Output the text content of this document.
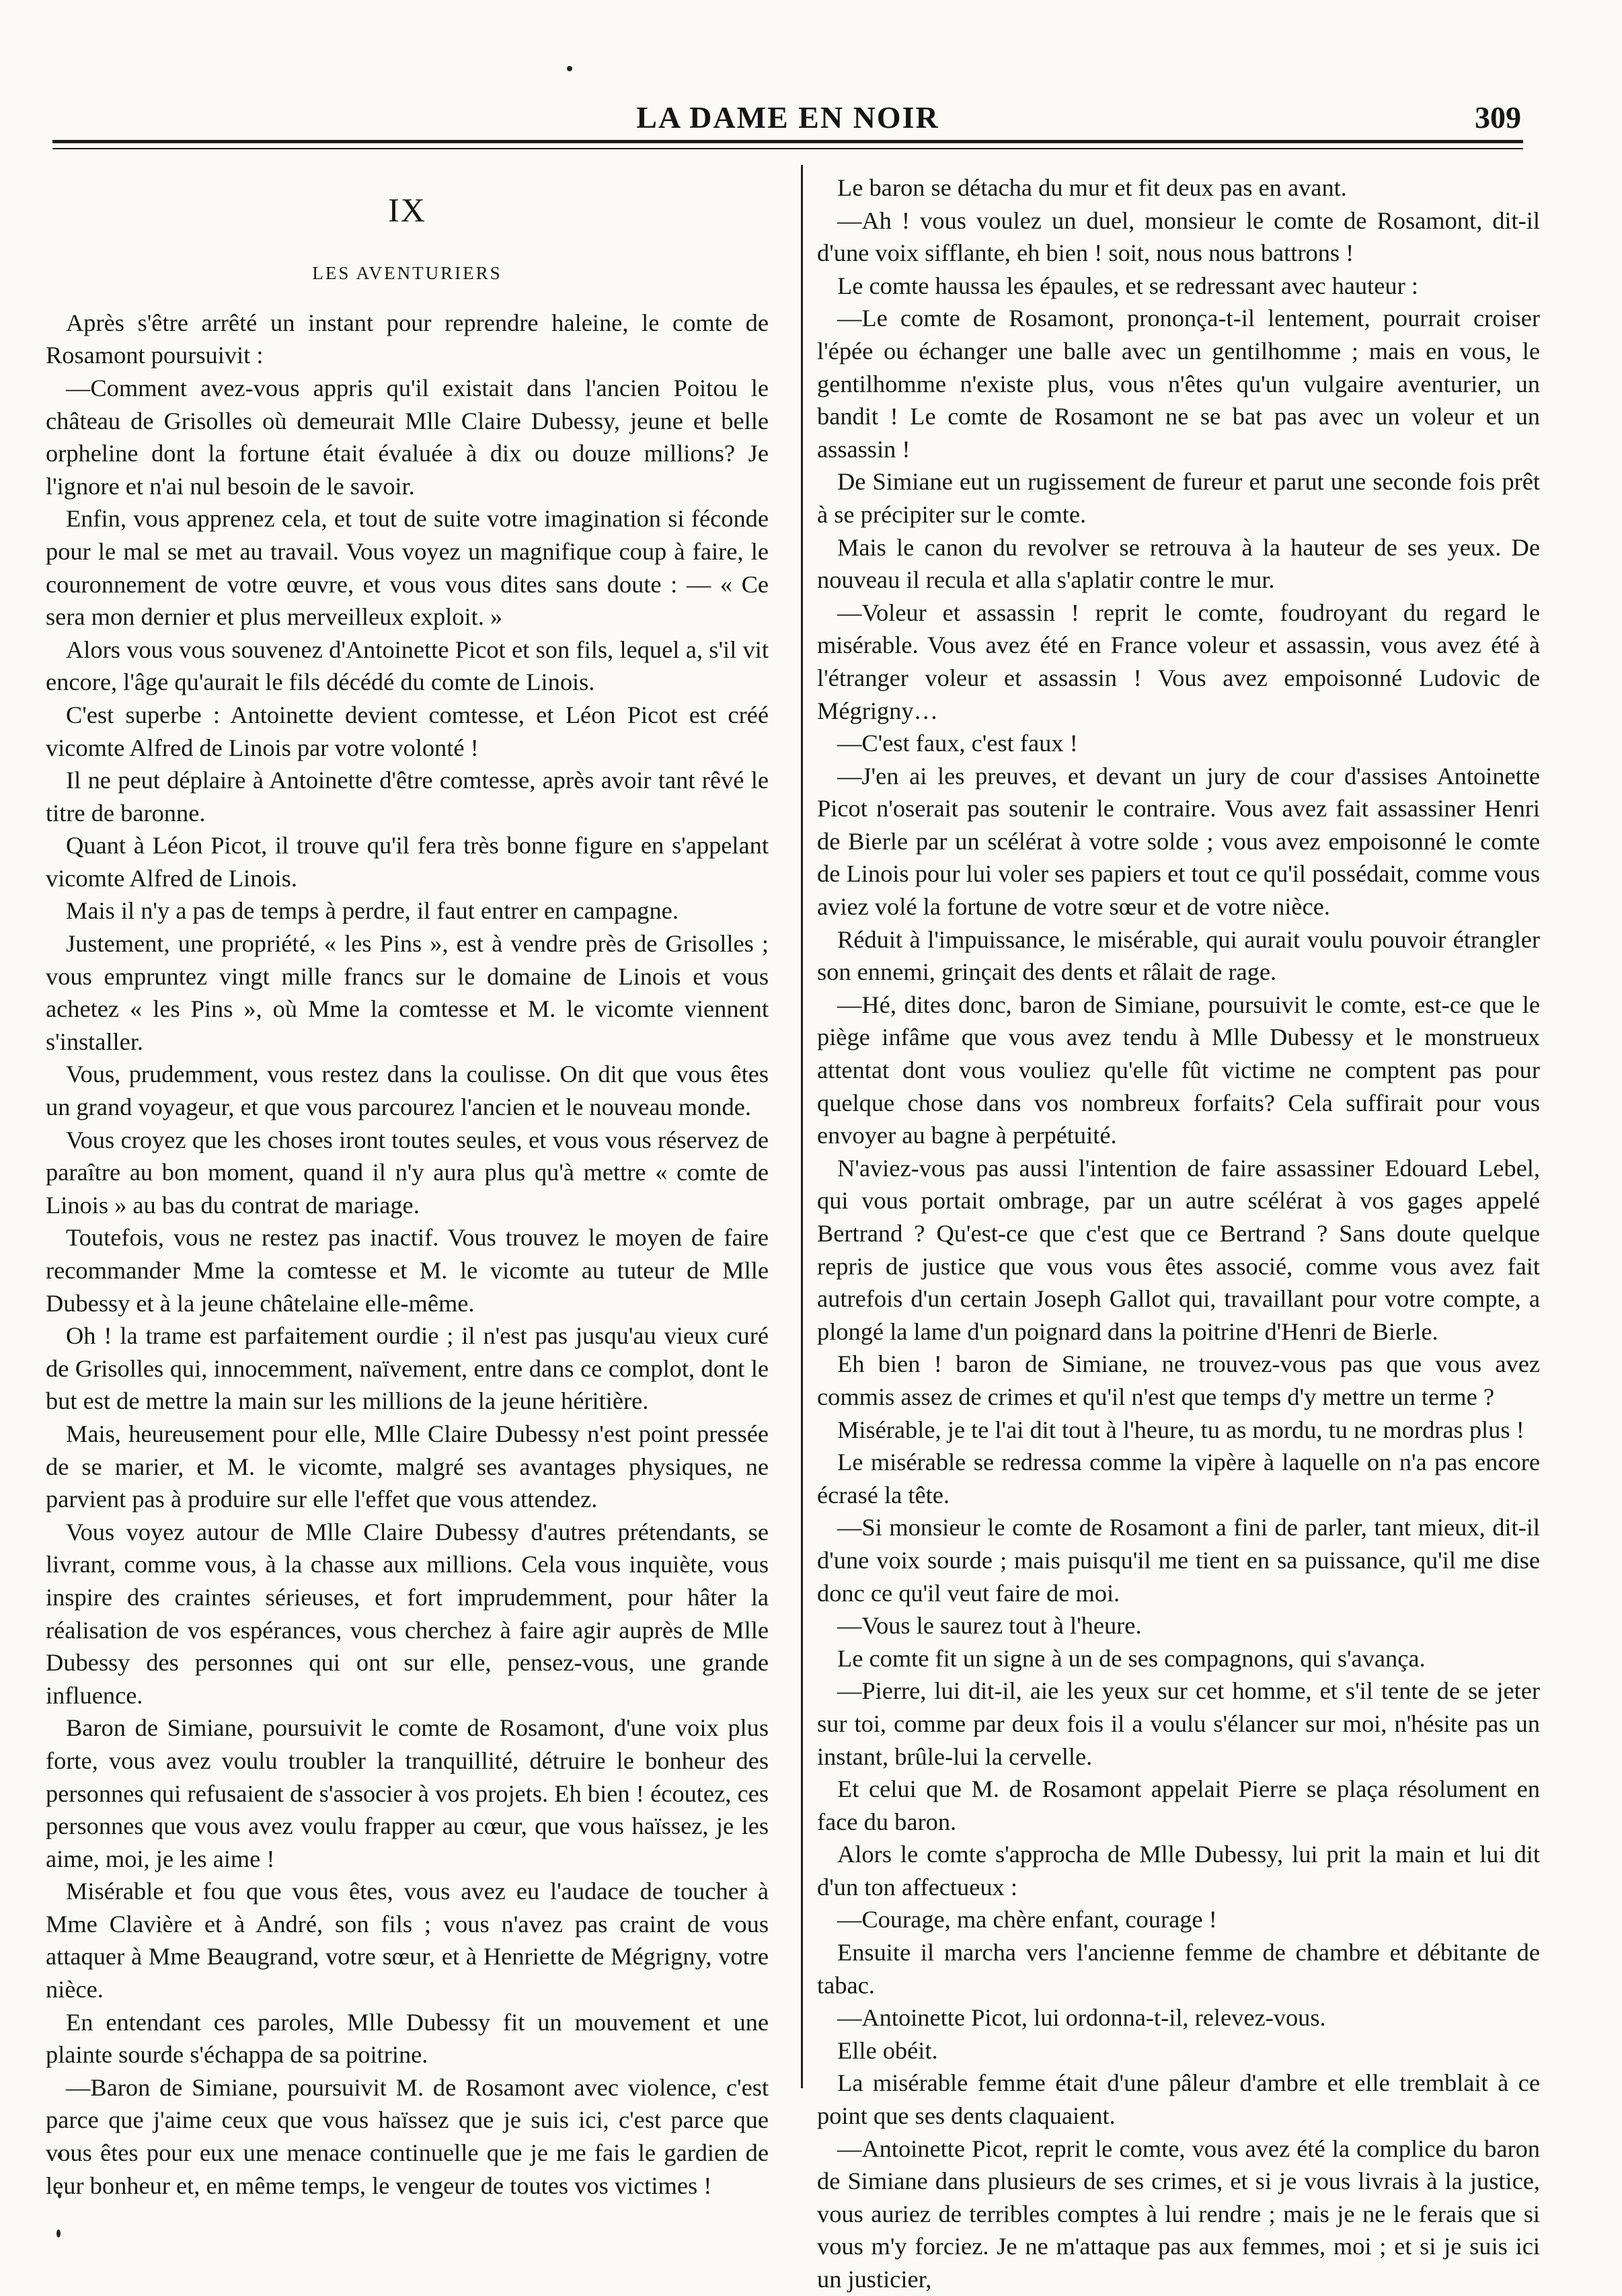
LA DAME EN NOIR	309
IX
LES AVENTURIERS

Après s'être arrêté un instant pour reprendre haleine, le comte de Rosamont poursuivit :

—Comment avez-vous appris qu'il existait dans l'ancien Poitou le château de Grisolles où demeurait Mlle Claire Dubessy, jeune et belle orpheline dont la fortune était évaluée à dix ou douze millions? Je l'ignore et n'ai nul besoin de le savoir.

Enfin, vous apprenez cela, et tout de suite votre imagination si féconde pour le mal se met au travail. Vous voyez un magnifique coup à faire, le couronnement de votre œuvre, et vous vous dites sans doute : — « Ce sera mon dernier et plus merveilleux exploit. »

Alors vous vous souvenez d'Antoinette Picot et son fils, lequel a, s'il vit encore, l'âge qu'aurait le fils décédé du comte de Linois.

C'est superbe : Antoinette devient comtesse, et Léon Picot est créé vicomte Alfred de Linois par votre volonté !

Il ne peut déplaire à Antoinette d'être comtesse, après avoir tant rêvé le titre de baronne.

Quant à Léon Picot, il trouve qu'il fera très bonne figure en s'appelant vicomte Alfred de Linois.

Mais il n'y a pas de temps à perdre, il faut entrer en campagne.

Justement, une propriété, « les Pins », est à vendre près de Grisolles ; vous empruntez vingt mille francs sur le domaine de Linois et vous achetez « les Pins », où Mme la comtesse et M. le vicomte viennent s'installer.

Vous, prudemment, vous restez dans la coulisse. On dit que vous êtes un grand voyageur, et que vous parcourez l'ancien et le nouveau monde.

Vous croyez que les choses iront toutes seules, et vous vous réservez de paraître au bon moment, quand il n'y aura plus qu'à mettre « comte de Linois » au bas du contrat de mariage.

Toutefois, vous ne restez pas inactif. Vous trouvez le moyen de faire recommander Mme la comtesse et M. le vicomte au tuteur de Mlle Dubessy et à la jeune châtelaine elle-même.

Oh ! la trame est parfaitement ourdie ; il n'est pas jusqu'au vieux curé de Grisolles qui, innocemment, naïvement, entre dans ce complot, dont le but est de mettre la main sur les millions de la jeune héritière.

Mais, heureusement pour elle, Mlle Claire Dubessy n'est point pressée de se marier, et M. le vicomte, malgré ses avantages physiques, ne parvient pas à produire sur elle l'effet que vous attendez.

Vous voyez autour de Mlle Claire Dubessy d'autres prétendants, se livrant, comme vous, à la chasse aux millions. Cela vous inquiète, vous inspire des craintes sérieuses, et fort imprudemment, pour hâter la réalisation de vos espérances, vous cherchez à faire agir auprès de Mlle Dubessy des personnes qui ont sur elle, pensez-vous, une grande influence.

Baron de Simiane, poursuivit le comte de Rosamont, d'une voix plus forte, vous avez voulu troubler la tranquillité, détruire le bonheur des personnes qui refusaient de s'associer à vos projets. Eh bien ! écoutez, ces personnes que vous avez voulu frapper au cœur, que vous haïssez, je les aime, moi, je les aime !

Misérable et fou que vous êtes, vous avez eu l'audace de toucher à Mme Clavière et à André, son fils ; vous n'avez pas craint de vous attaquer à Mme Beaugrand, votre sœur, et à Henriette de Mégrigny, votre nièce.

En entendant ces paroles, Mlle Dubessy fit un mouvement et une plainte sourde s'échappa de sa poitrine.

—Baron de Simiane, poursuivit M. de Rosamont avec violence, c'est parce que j'aime ceux que vous haïssez que je suis ici, c'est parce que vous êtes pour eux une menace continuelle que je me fais le gardien de leur bonheur et, en même temps, le vengeur de toutes vos victimes !

Le baron se détacha du mur et fit deux pas en avant.

—Ah ! vous voulez un duel, monsieur le comte de Rosamont, dit-il d'une voix sifflante, eh bien ! soit, nous nous battrons !

Le comte haussa les épaules, et se redressant avec hauteur :

—Le comte de Rosamont, prononça-t-il lentement, pourrait croiser l'épée ou échanger une balle avec un gentilhomme ; mais en vous, le gentilhomme n'existe plus, vous n'êtes qu'un vulgaire aventurier, un bandit ! Le comte de Rosamont ne se bat pas avec un voleur et un assassin !

De Simiane eut un rugissement de fureur et parut une seconde fois prêt à se précipiter sur le comte.

Mais le canon du revolver se retrouva à la hauteur de ses yeux. De nouveau il recula et alla s'aplatir contre le mur.

—Voleur et assassin ! reprit le comte, foudroyant du regard le misérable. Vous avez été en France voleur et assassin, vous avez été à l'étranger voleur et assassin ! Vous avez empoisonné Ludovic de Mégrigny…

—C'est faux, c'est faux !

—J'en ai les preuves, et devant un jury de cour d'assises Antoinette Picot n'oserait pas soutenir le contraire. Vous avez fait assassiner Henri de Bierle par un scélérat à votre solde ; vous avez empoisonné le comte de Linois pour lui voler ses papiers et tout ce qu'il possédait, comme vous aviez volé la fortune de votre sœur et de votre nièce.

Réduit à l'impuissance, le misérable, qui aurait voulu pouvoir étrangler son ennemi, grinçait des dents et râlait de rage.

—Hé, dites donc, baron de Simiane, poursuivit le comte, est-ce que le piège infâme que vous avez tendu à Mlle Dubessy et le monstrueux attentat dont vous vouliez qu'elle fût victime ne comptent pas pour quelque chose dans vos nombreux forfaits? Cela suffirait pour vous envoyer au bagne à perpétuité.

N'aviez-vous pas aussi l'intention de faire assassiner Edouard Lebel, qui vous portait ombrage, par un autre scélérat à vos gages appelé Bertrand ? Qu'est-ce que c'est que ce Bertrand ? Sans doute quelque repris de justice que vous vous êtes associé, comme vous avez fait autrefois d'un certain Joseph Gallot qui, travaillant pour votre compte, a plongé la lame d'un poignard dans la poitrine d'Henri de Bierle.

Eh bien ! baron de Simiane, ne trouvez-vous pas que vous avez commis assez de crimes et qu'il n'est que temps d'y mettre un terme ?

Misérable, je te l'ai dit tout à l'heure, tu as mordu, tu ne mordras plus !

Le misérable se redressa comme la vipère à laquelle on n'a pas encore écrasé la tête.

—Si monsieur le comte de Rosamont a fini de parler, tant mieux, dit-il d'une voix sourde ; mais puisqu'il me tient en sa puissance, qu'il me dise donc ce qu'il veut faire de moi.

—Vous le saurez tout à l'heure.

Le comte fit un signe à un de ses compagnons, qui s'avança.

—Pierre, lui dit-il, aie les yeux sur cet homme, et s'il tente de se jeter sur toi, comme par deux fois il a voulu s'élancer sur moi, n'hésite pas un instant, brûle-lui la cervelle.

Et celui que M. de Rosamont appelait Pierre se plaça résolument en face du baron.

Alors le comte s'approcha de Mlle Dubessy, lui prit la main et lui dit d'un ton affectueux :

—Courage, ma chère enfant, courage !

Ensuite il marcha vers l'ancienne femme de chambre et débitante de tabac.

—Antoinette Picot, lui ordonna-t-il, relevez-vous.

Elle obéit.

La misérable femme était d'une pâleur d'ambre et elle tremblait à ce point que ses dents claquaient.

—Antoinette Picot, reprit le comte, vous avez été la complice du baron de Simiane dans plusieurs de ses crimes, et si je vous livrais à la justice, vous auriez de terribles comptes à lui rendre ; mais je ne le ferais que si vous m'y forciez. Je ne m'attaque pas aux femmes, moi ; et si je suis ici un justicier,
